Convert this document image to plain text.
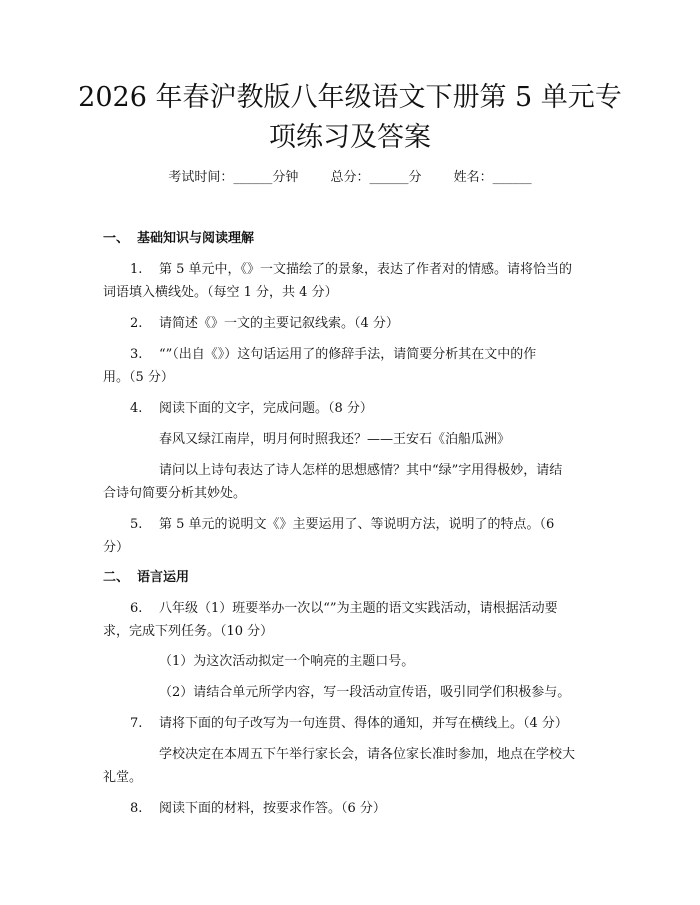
2026 年春沪教版八年级语文下册第 5 单元专
项练习及答案
考试时间：______分钟 总分：______分 姓名：______
一、 基础知识与阅读理解
1. 第 5 单元中，《》一文描绘了的景象，表达了作者对的情感。请将恰当的
词语填入横线处。（每空 1 分，共 4 分）
2. 请简述《》一文的主要记叙线索。（4 分）
3. “”（出自《》）这句话运用了的修辞手法，请简要分析其在文中的作
用。（5 分）
4. 阅读下面的文字，完成问题。（8 分）
春风又绿江南岸，明月何时照我还？——王安石《泊船瓜洲》
请问以上诗句表达了诗人怎样的思想感情？其中“绿”字用得极妙，请结
合诗句简要分析其妙处。
5. 第 5 单元的说明文《》主要运用了、等说明方法，说明了的特点。（6
分）
二、 语言运用
6. 八年级（1）班要举办一次以“”为主题的语文实践活动，请根据活动要
求，完成下列任务。（10 分）
（1）为这次活动拟定一个响亮的主题口号。
（2）请结合单元所学内容，写一段活动宣传语，吸引同学们积极参与。
7. 请将下面的句子改写为一句连贯、得体的通知，并写在横线上。（4 分）
学校决定在本周五下午举行家长会，请各位家长准时参加，地点在学校大
礼堂。
8. 阅读下面的材料，按要求作答。（6 分）
